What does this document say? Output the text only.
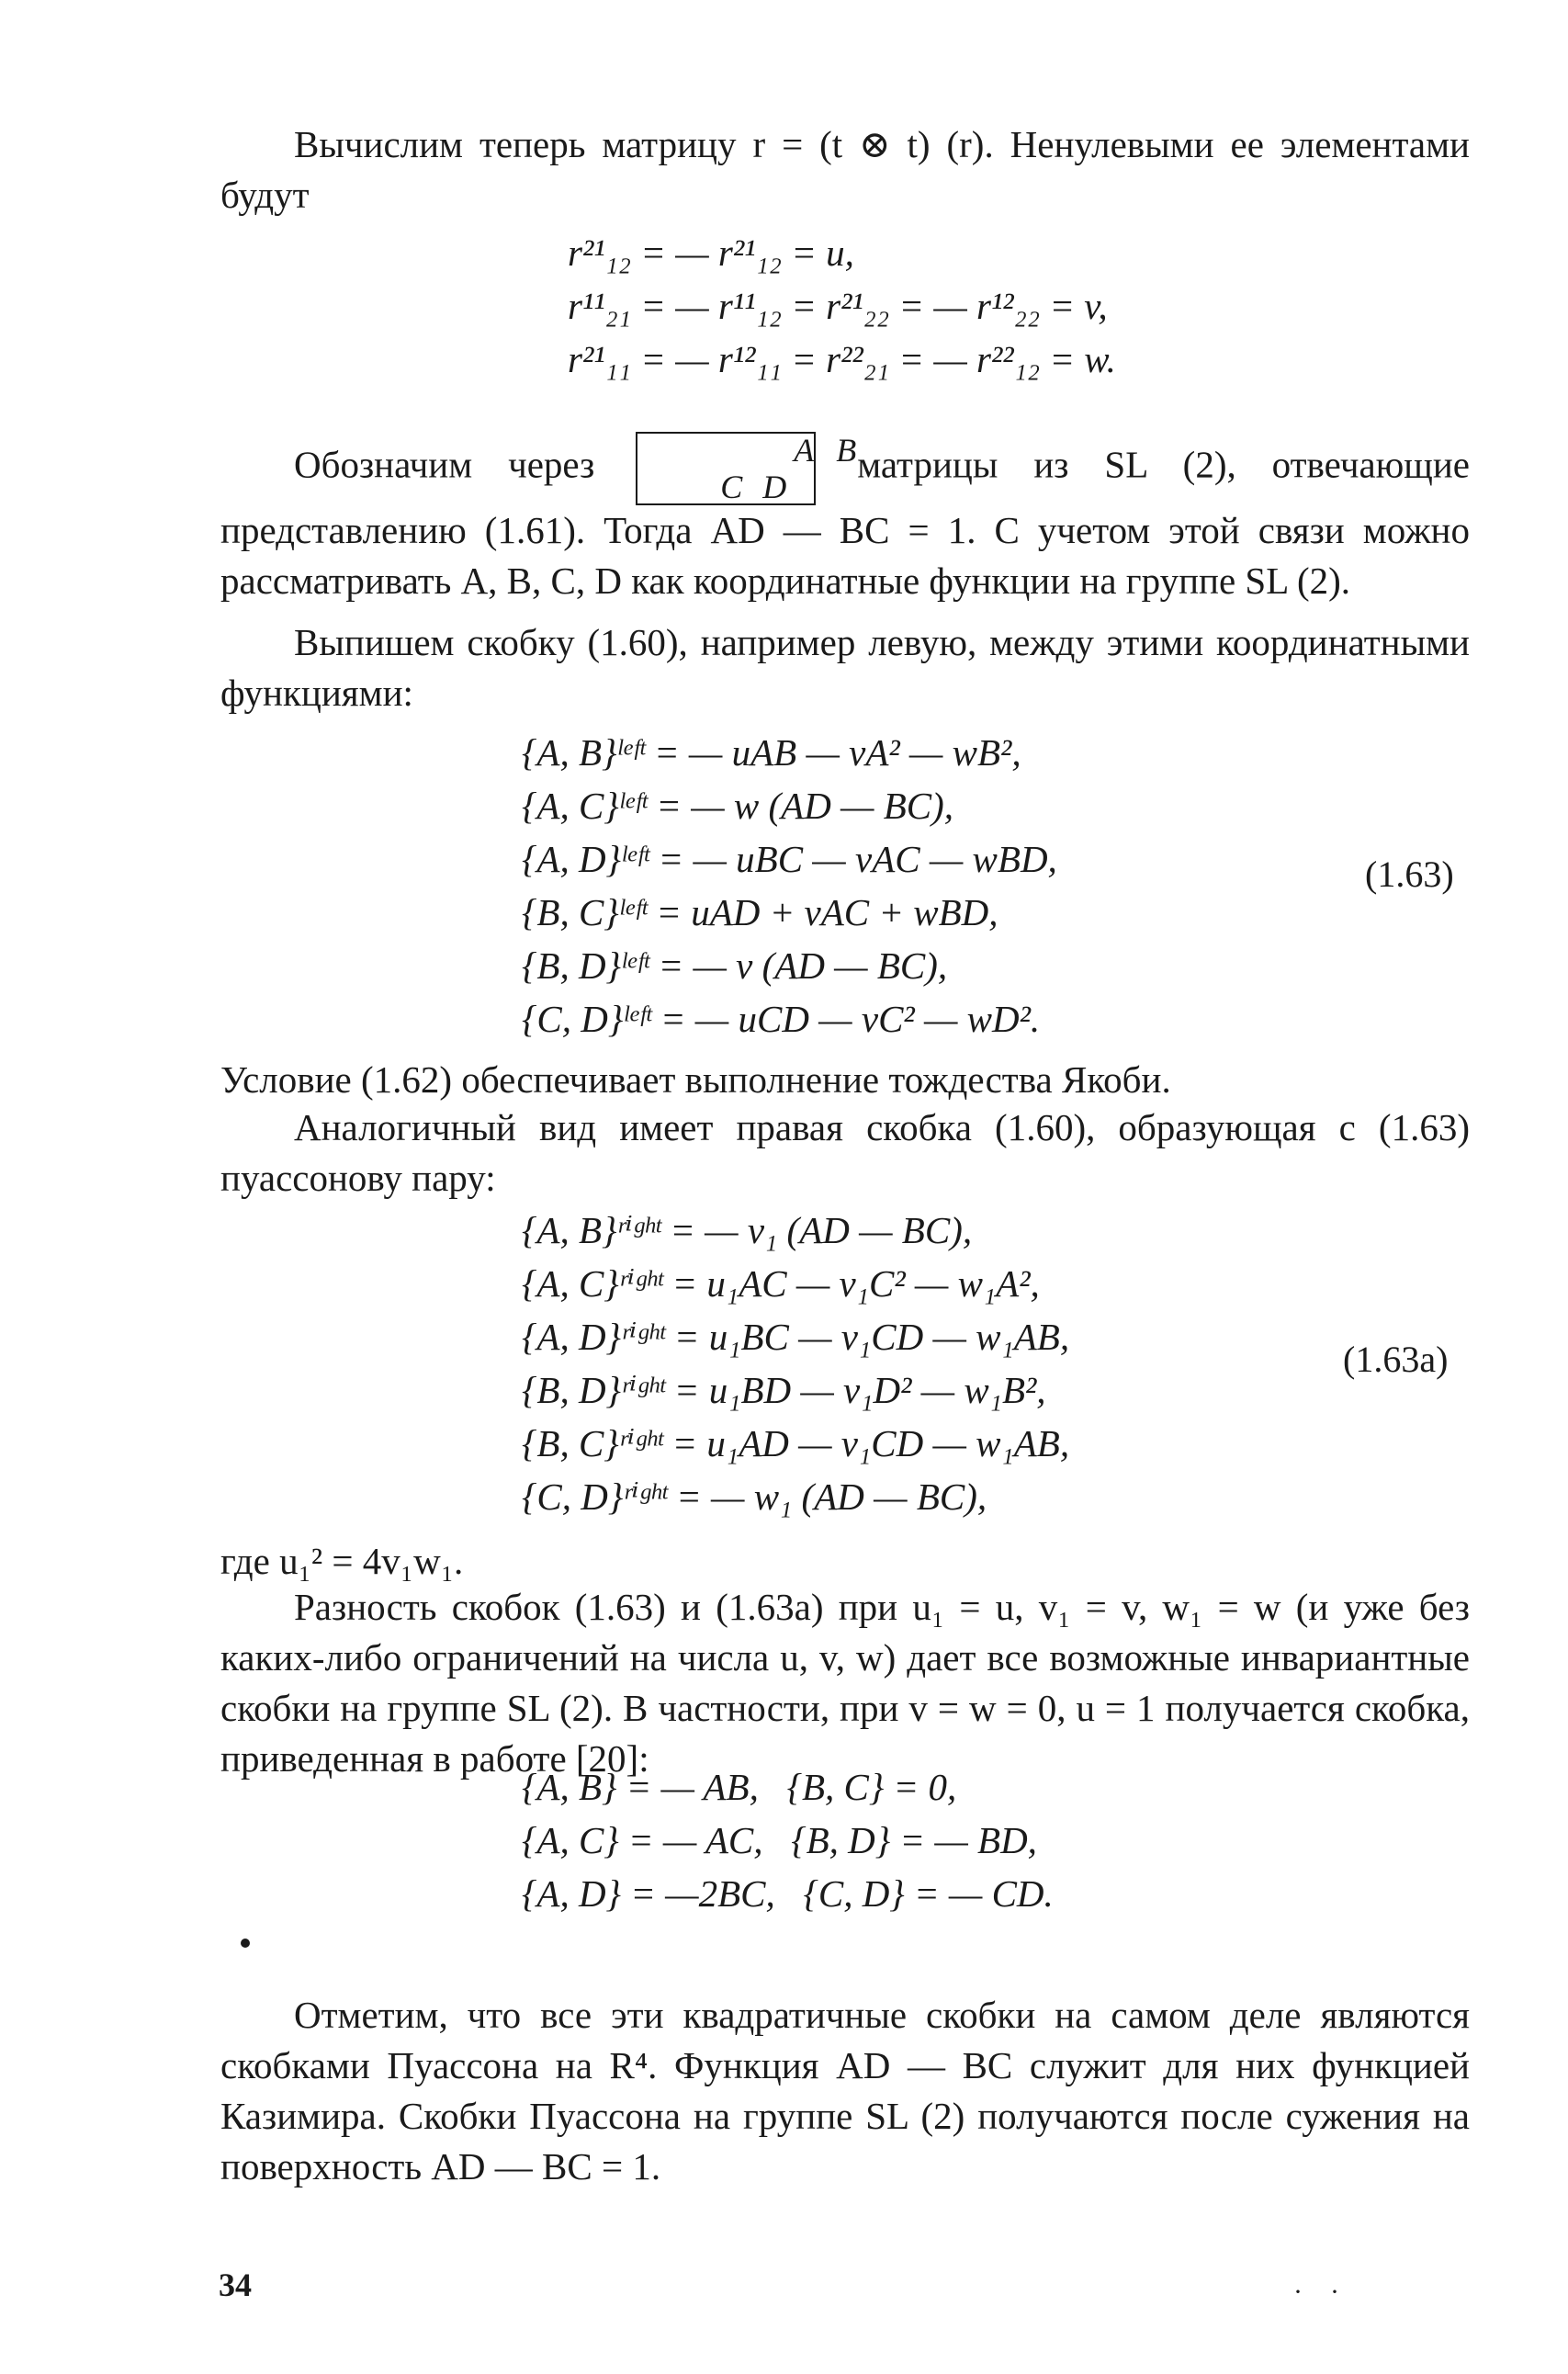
Вычислим теперь матрицу r = (t ⊗ t) (r). Ненулевыми ее элементами будут
r²¹₁₂ = — r²¹₁₂ = u,
r¹¹₂₁ = — r¹¹₁₂ = r²¹₂₂ = — r¹²₂₂ = v,
r²¹₁₁ = — r¹²₁₁ = r²²₂₁ = — r²²₁₂ = w.
Обозначим через	A B
C D матрицы из SL (2), отвечающие представлению (1.61). Тогда AD — BC = 1. С учетом этой связи можно рассматривать A, B, C, D как координатные функции на группе SL (2).
Выпишем скобку (1.60), например левую, между этими координатными функциями:
{A, B}ˡᵉᶠᵗ = — uAB — vA² — wB²,
{A, C}ˡᵉᶠᵗ = — w (AD — BC),
{A, D}ˡᵉᶠᵗ = — uBC — vAC — wBD,
{B, C}ˡᵉᶠᵗ = uAD + vAC + wBD,
{B, D}ˡᵉᶠᵗ = — v (AD — BC),
{C, D}ˡᵉᶠᵗ = — uCD — vC² — wD².
(1.63)
Условие (1.62) обеспечивает выполнение тождества Якоби.
Аналогичный вид имеет правая скобка (1.60), образующая с (1.63) пуассонову пару:
{A, B}ʳⁱᵍʰᵗ = — v₁ (AD — BC),
{A, C}ʳⁱᵍʰᵗ = u₁AC — v₁C² — w₁A²,
{A, D}ʳⁱᵍʰᵗ = u₁BC — v₁CD — w₁AB,
{B, D}ʳⁱᵍʰᵗ = u₁BD — v₁D² — w₁B²,
{B, C}ʳⁱᵍʰᵗ = u₁AD — v₁CD — w₁AB,
{C, D}ʳⁱᵍʰᵗ = — w₁ (AD — BC),
(1.63a)
где u₁² = 4v₁w₁.
Разность скобок (1.63) и (1.63a) при u₁ = u, v₁ = v, w₁ = w (и уже без каких-либо ограничений на числа u, v, w) дает все возможные инвариантные скобки на группе SL (2). В частности, при v = w = 0, u = 1 получается скобка, приведенная в работе [20]:
{A, B} = — AB,   {B, C} = 0,
{A, C} = — AC,   {B, D} = — BD,
{A, D} = —2BC,   {C, D} = — CD.
Отметим, что все эти квадратичные скобки на самом деле являются скобками Пуассона на R⁴. Функция AD — BC служит для них функцией Казимира. Скобки Пуассона на группе SL (2) получаются после сужения на поверхность AD — BC = 1.
34	··
